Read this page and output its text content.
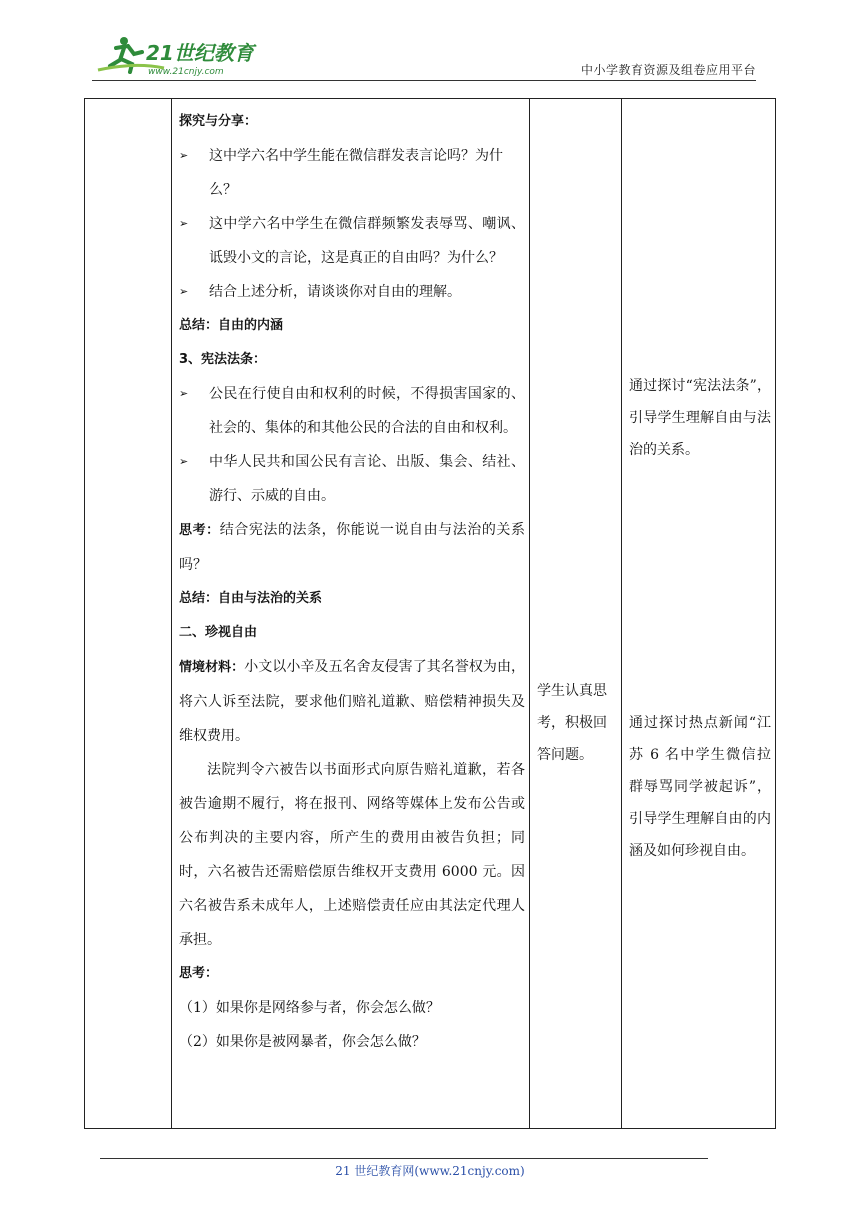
21世纪教育
www.21cnjy.com	中小学教育资源及组卷应用平台

探究与分享：

➢ 这中学六名中学生能在微信群发表言论吗？为什么？

➢ 这中学六名中学生在微信群频繁发表辱骂、嘲讽、诋毁小文的言论，这是真正的自由吗？为什么？

➢ 结合上述分析，请谈谈你对自由的理解。

总结：自由的内涵

3、宪法法条：

➢ 公民在行使自由和权利的时候，不得损害国家的、社会的、集体的和其他公民的合法的自由和权利。

➢ 中华人民共和国公民有言论、出版、集会、结社、游行、示威的自由。

思考：结合宪法的法条，你能说一说自由与法治的关系吗？

总结：自由与法治的关系

二、珍视自由

情境材料：小文以小辛及五名舍友侵害了其名誉权为由，将六人诉至法院，要求他们赔礼道歉、赔偿精神损失及维权费用。

法院判令六被告以书面形式向原告赔礼道歉，若各被告逾期不履行，将在报刊、网络等媒体上发布公告或公布判决的主要内容，所产生的费用由被告负担；同时，六名被告还需赔偿原告维权开支费用 6000 元。因六名被告系未成年人，上述赔偿责任应由其法定代理人承担。

思考：

（1）如果你是网络参与者，你会怎么做？

（2）如果你是被网暴者，你会怎么做？

学生认真思考，积极回答问题。
通过探讨“宪法法条”，引导学生理解自由与法治的关系。
通过探讨热点新闻“江苏 6 名中学生微信拉群辱骂同学被起诉”，引导学生理解自由的内涵及如何珍视自由。
21 世纪教育网(www.21cnjy.com)
